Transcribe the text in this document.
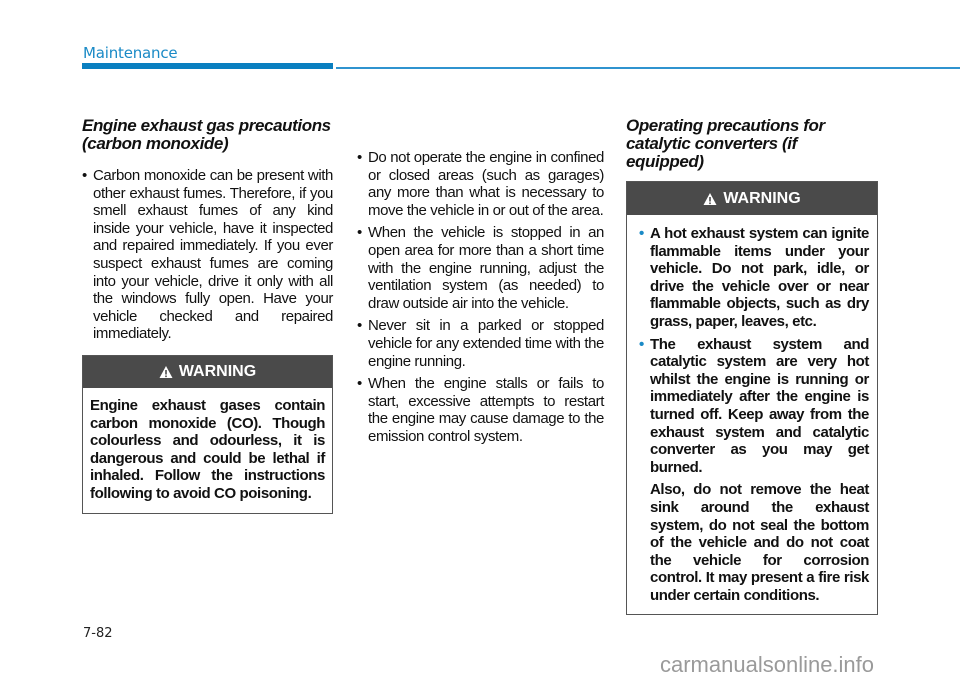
Maintenance
Engine exhaust gas precautions (carbon monoxide)
• Carbon monoxide can be present with other exhaust fumes. Therefore, if you smell exhaust fumes of any kind inside your vehicle, have it inspected and repaired immediately. If you ever suspect exhaust fumes are coming into your vehicle, drive it only with all the windows fully open. Have your vehicle checked and repaired immediately.
WARNING
Engine exhaust gases contain carbon monoxide (CO). Though colourless and odourless, it is dangerous and could be lethal if inhaled. Follow the instructions following to avoid CO poisoning.
• Do not operate the engine in confined or closed areas (such as garages) any more than what is necessary to move the vehicle in or out of the area.
• When the vehicle is stopped in an open area for more than a short time with the engine running, adjust the ventilation system (as needed) to draw outside air into the vehicle.
• Never sit in a parked or stopped vehicle for any extended time with the engine running.
• When the engine stalls or fails to start, excessive attempts to restart the engine may cause damage to the emission control system.
Operating precautions for catalytic converters (if equipped)
WARNING
• A hot exhaust system can ignite flammable items under your vehicle. Do not park, idle, or drive the vehicle over or near flammable objects, such as dry grass, paper, leaves, etc.
• The exhaust system and catalytic system are very hot whilst the engine is running or immediately after the engine is turned off. Keep away from the exhaust system and catalytic converter as you may get burned.
Also, do not remove the heat sink around the exhaust system, do not seal the bottom of the vehicle and do not coat the vehicle for corrosion control. It may present a fire risk under certain conditions.
7-82
carmanualsonline.info
